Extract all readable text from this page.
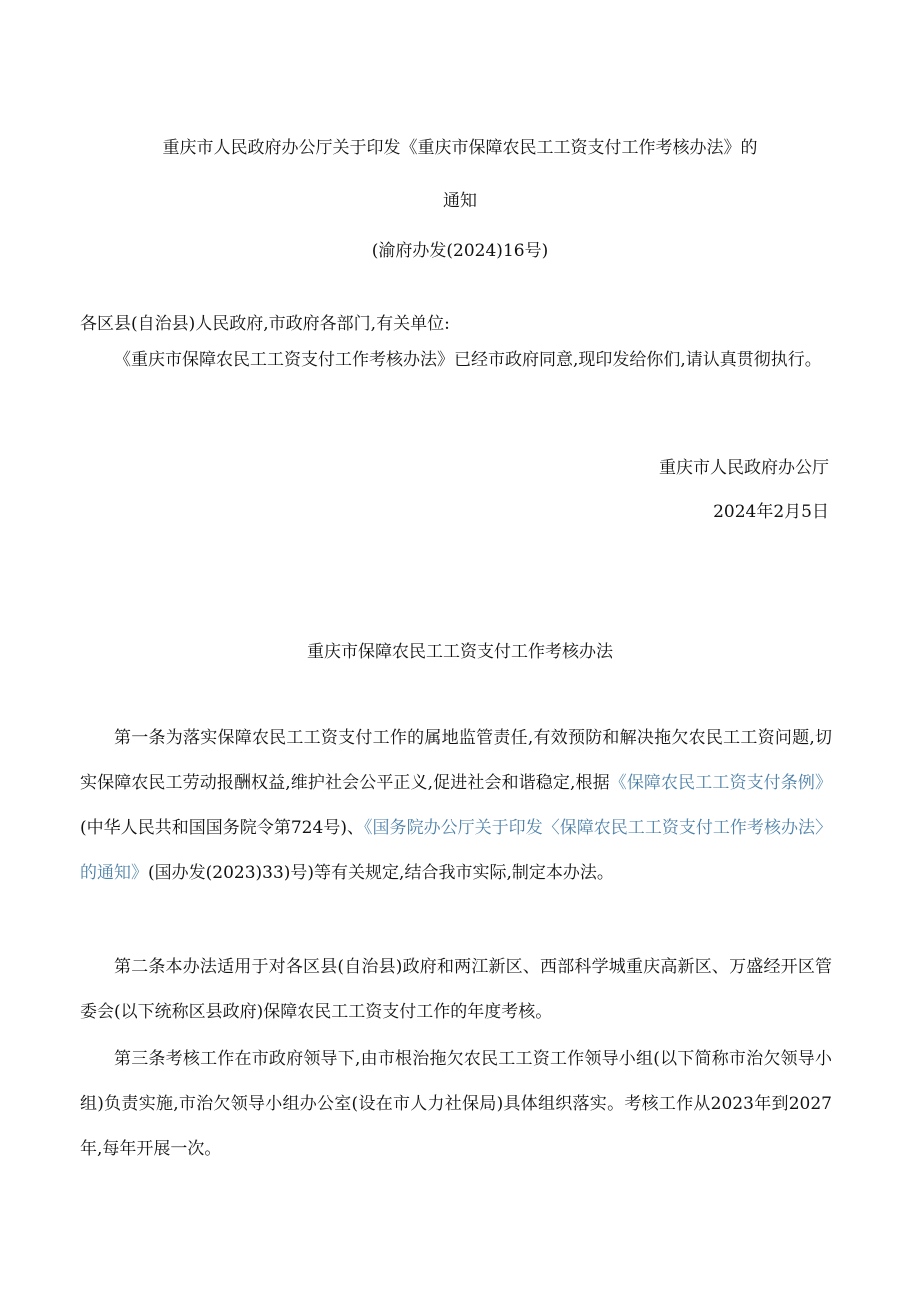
重庆市人民政府办公厅关于印发《重庆市保障农民工工资支付工作考核办法》的
通知
(渝府办发(2024)16号)

各区县(自治县)人民政府,市政府各部门,有关单位:

《重庆市保障农民工工资支付工作考核办法》已经市政府同意,现印发给你们,请认真贯彻执行。

重庆市人民政府办公厅
2024年2月5日
重庆市保障农民工工资支付工作考核办法

第一条为落实保障农民工工资支付工作的属地监管责任,有效预防和解决拖欠农民工工资问题,切实保障农民工劳动报酬权益,维护社会公平正义,促进社会和谐稳定,根据《保障农民工工资支付条例》(中华人民共和国国务院令第724号)、《国务院办公厅关于印发〈保障农民工工资支付工作考核办法〉的通知》(国办发(2023)33)号)等有关规定,结合我市实际,制定本办法。

第二条本办法适用于对各区县(自治县)政府和两江新区、西部科学城重庆高新区、万盛经开区管委会(以下统称区县政府)保障农民工工资支付工作的年度考核。

第三条考核工作在市政府领导下,由市根治拖欠农民工工资工作领导小组(以下简称市治欠领导小组)负责实施,市治欠领导小组办公室(设在市人力社保局)具体组织落实。考核工作从2023年到2027年,每年开展一次。
